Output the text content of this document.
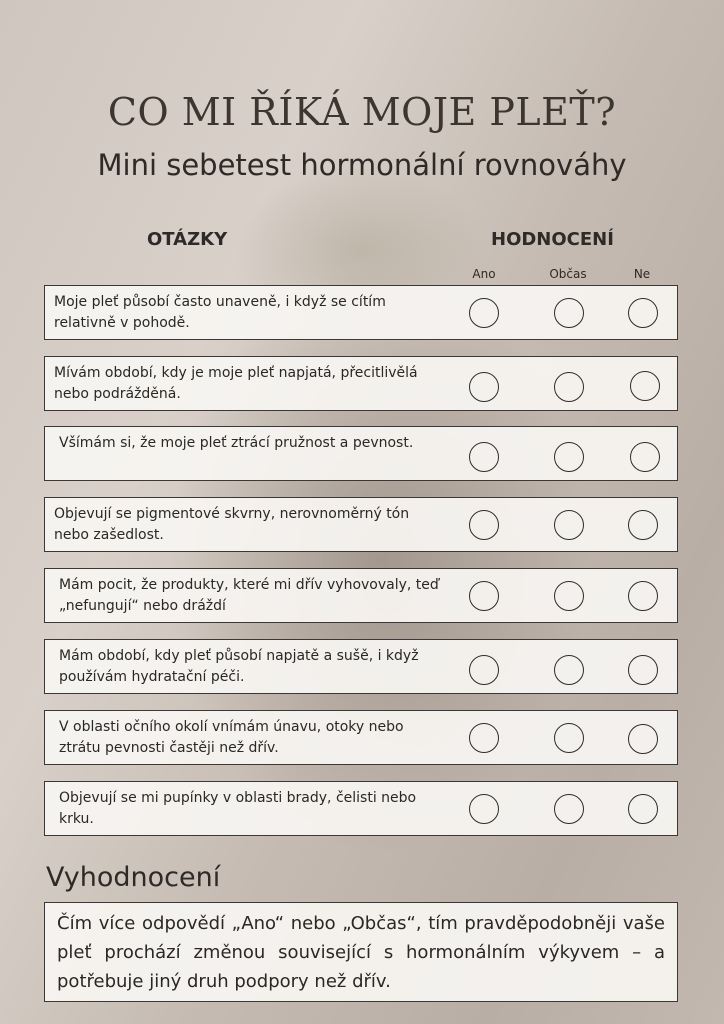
CO MI ŘÍKÁ MOJE PLEŤ?

Mini sebetest hormonální rovnováhy

OTÁZKY	HODNOCENÍ
Ano	Občas	Ne
Moje pleť působí často unaveně, i když se cítím relativně v pohodě.
Mívám období, kdy je moje pleť napjatá, přecitlivělá nebo podrážděná.
Všímám si, že moje pleť ztrácí pružnost a pevnost.
Objevují se pigmentové skvrny, nerovnoměrný tón nebo zašedlost.
Mám pocit, že produkty, které mi dřív vyhovovaly, teď „nefungují“ nebo dráždí
Mám období, kdy pleť působí napjatě a sušě, i když používám hydratační péči.
V oblasti očního okolí vnímám únavu, otoky nebo ztrátu pevnosti častěji než dřív.
Objevují se mi pupínky v oblasti brady, čelisti nebo krku.
Vyhodnocení
Čím více odpovědí „Ano“ nebo „Občas“, tím pravděpodobněji vaše pleť prochází změnou související s hormonálním výkyvem – a potřebuje jiný druh podpory než dřív.
